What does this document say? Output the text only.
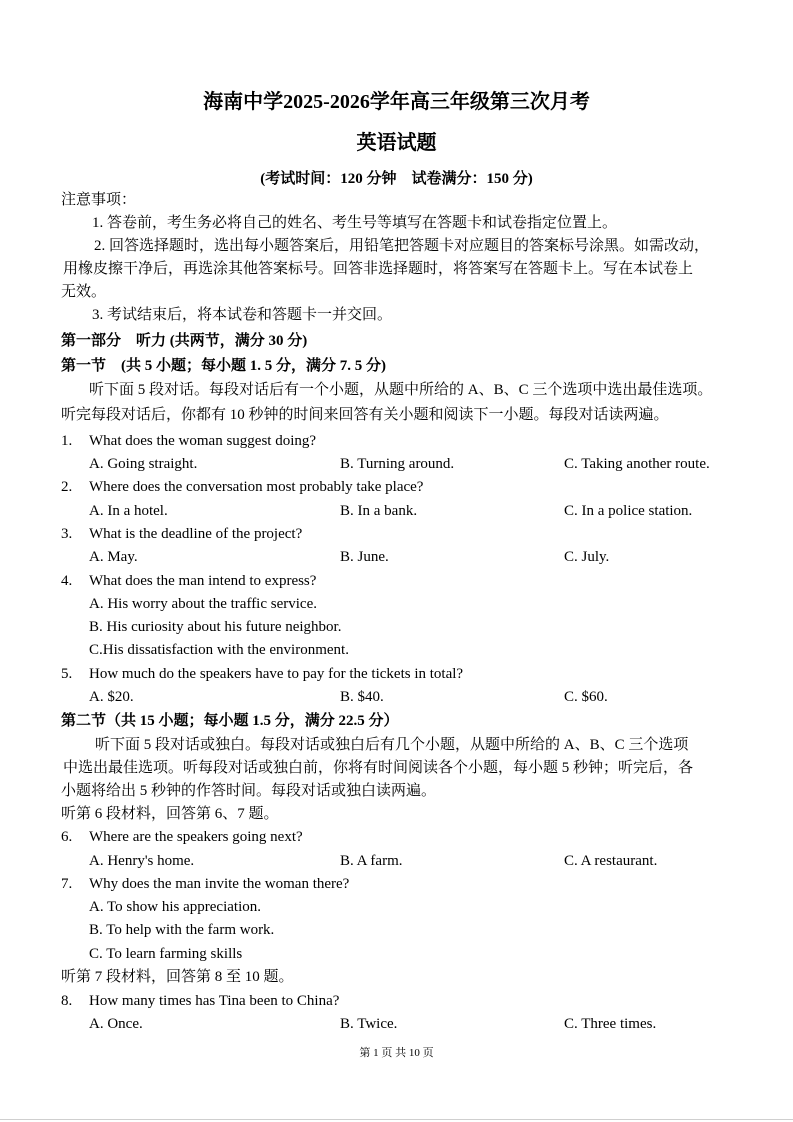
海南中学2025-2026学年高三年级第三次月考
英语试题
(考试时间：120 分钟　试卷满分：150 分)
注意事项：
1. 答卷前，考生务必将自己的姓名、考生号等填写在答题卡和试卷指定位置上。
2. 回答选择题时，选出每小题答案后，用铅笔把答题卡对应题目的答案标号涂黑。如需改动，
用橡皮擦干净后，再选涂其他答案标号。回答非选择题时，将答案写在答题卡上。写在本试卷上
无效。
3. 考试结束后，将本试卷和答题卡一并交回。
第一部分　听力 (共两节，满分 30 分)
第一节　(共 5 小题；每小题 1. 5 分，满分 7. 5 分)
听下面 5 段对话。每段对话后有一个小题，从题中所给的 A、B、C 三个选项中选出最佳选项。
听完每段对话后，你都有 10 秒钟的时间来回答有关小题和阅读下一小题。每段对话读两遍。
1. What does the woman suggest doing?
A. Going straight.	B. Turning around.	C. Taking another route.
2. Where does the conversation most probably take place?
A. In a hotel.	B. In a bank.	C. In a police station.
3. What is the deadline of the project?
A. May.	B. June.	C. July.
4. What does the man intend to express?
A. His worry about the traffic service.
B. His curiosity about his future neighbor.
C.His dissatisfaction with the environment.
5. How much do the speakers have to pay for the tickets in total?
A. $20.	B. $40.	C. $60.
第二节（共 15 小题；每小题 1.5 分，满分 22.5 分）
听下面 5 段对话或独白。每段对话或独白后有几个小题，从题中所给的 A、B、C 三个选项
中选出最佳选项。听每段对话或独白前，你将有时间阅读各个小题，每小题 5 秒钟；听完后，各
小题将给出 5 秒钟的作答时间。每段对话或独白读两遍。
听第 6 段材料，回答第 6、7 题。
6. Where are the speakers going next?
A. Henry's home.	B. A farm.	C. A restaurant.
7. Why does the man invite the woman there?
A. To show his appreciation.
B. To help with the farm work.
C. To learn farming skills
听第 7 段材料，回答第 8 至 10 题。
8. How many times has Tina been to China?
A. Once.	B. Twice.	C. Three times.
第 1 页 共 10 页
